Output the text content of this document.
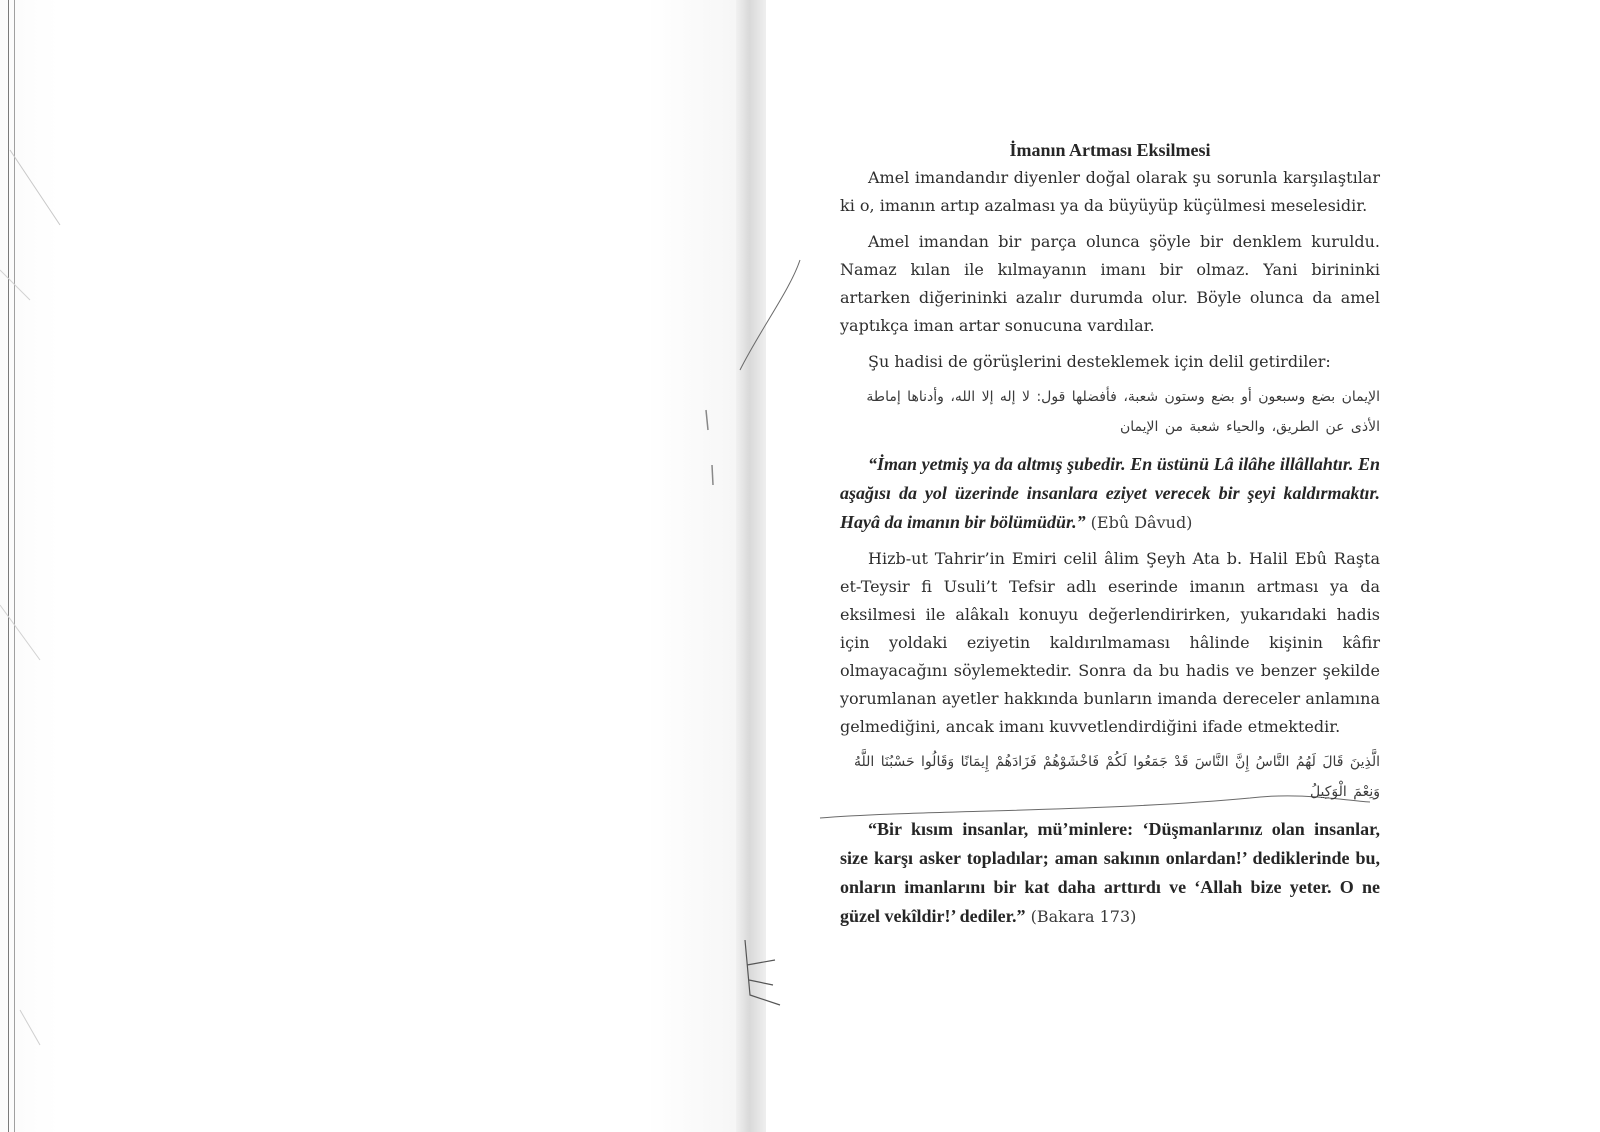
İmanın Artması Eksilmesi

Amel imandandır diyenler doğal olarak şu sorunla karşılaştılar ki o, imanın artıp azalması ya da büyüyüp küçülmesi meselesidir.

Amel imandan bir parça olunca şöyle bir denklem kuruldu. Namaz kılan ile kılmayanın imanı bir olmaz. Yani birininki artarken diğerininki azalır durumda olur. Böyle olunca da amel yaptıkça iman artar sonucuna vardılar.

Şu hadisi de görüşlerini desteklemek için delil getirdiler:

الإيمان بضع وسبعون أو بضع وستون شعبة، فأفضلها قول: لا إله إلا الله، وأدناها إماطة الأذى عن الطريق، والحياء شعبة من الإيمان

“İman yetmiş ya da altmış şubedir. En üstünü Lâ ilâhe illâllahtır. En aşağısı da yol üzerinde insanlara eziyet verecek bir şeyi kaldırmaktır. Hayâ da imanın bir bölümüdür.” (Ebû Dâvud)

Hizb-ut Tahrir’in Emiri celil âlim Şeyh Ata b. Halil Ebû Raşta et-Teysir fi Usuli’t Tefsir adlı eserinde imanın artması ya da eksilmesi ile alâkalı konuyu değerlendirirken, yukarıdaki hadis için yoldaki eziyetin kaldırılmaması hâlinde kişinin kâfir olmayacağını söylemektedir. Sonra da bu hadis ve benzer şekilde yorumlanan ayetler hakkında bunların imanda dereceler anlamına gelmediğini, ancak imanı kuvvetlendirdiğini ifade etmektedir.

الَّذِينَ قَالَ لَهُمُ النَّاسُ إِنَّ النَّاسَ قَدْ جَمَعُوا لَكُمْ فَاخْشَوْهُمْ فَزَادَهُمْ إِيمَانًا وَقَالُوا حَسْبُنَا اللَّهُ وَنِعْمَ الْوَكِيلُ

“Bir kısım insanlar, mü’minlere: ‘Düşmanlarınız olan insanlar, size karşı asker topladılar; aman sakının onlardan!’ dediklerinde bu, onların imanlarını bir kat daha arttırdı ve ‘Allah bize yeter. O ne güzel vekîldir!’ dediler.” (Bakara 173)
